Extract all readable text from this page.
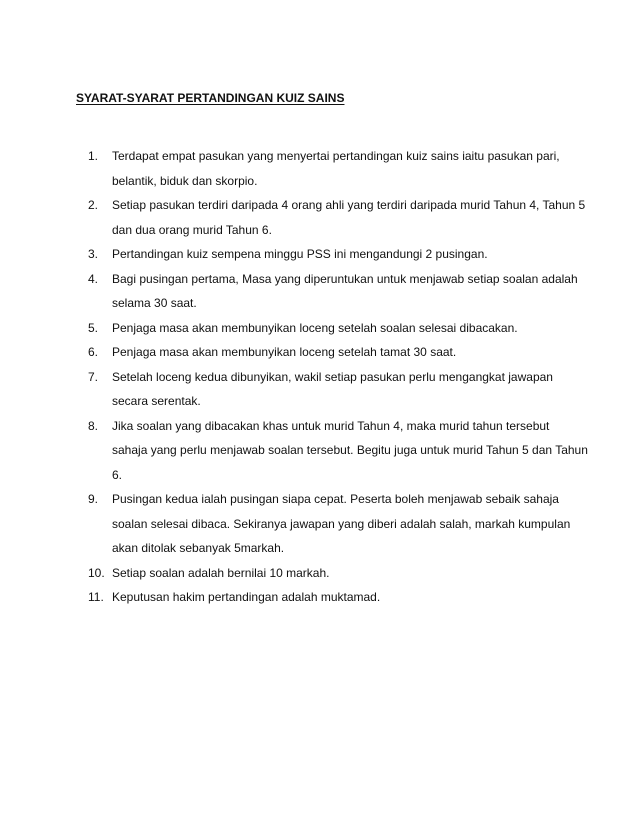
SYARAT-SYARAT PERTANDINGAN KUIZ SAINS
1. Terdapat empat pasukan yang menyertai pertandingan kuiz sains iaitu pasukan pari, belantik, biduk dan skorpio.
2. Setiap pasukan terdiri daripada 4 orang ahli yang terdiri daripada murid Tahun 4, Tahun 5 dan dua orang murid Tahun 6.
3. Pertandingan kuiz sempena minggu PSS ini mengandungi 2 pusingan.
4. Bagi pusingan pertama, Masa yang diperuntukan untuk menjawab setiap soalan adalah selama 30 saat.
5. Penjaga masa akan membunyikan loceng setelah soalan selesai dibacakan.
6. Penjaga masa akan membunyikan loceng setelah tamat 30 saat.
7. Setelah loceng kedua dibunyikan, wakil setiap pasukan perlu mengangkat jawapan secara serentak.
8. Jika soalan yang dibacakan khas untuk murid Tahun 4, maka murid tahun tersebut sahaja yang perlu menjawab soalan tersebut. Begitu juga untuk murid Tahun 5 dan Tahun 6.
9. Pusingan kedua ialah pusingan siapa cepat. Peserta boleh menjawab sebaik sahaja soalan selesai dibaca. Sekiranya jawapan yang diberi adalah salah, markah kumpulan akan ditolak sebanyak 5markah.
10. Setiap soalan adalah bernilai 10 markah.
11. Keputusan hakim pertandingan adalah muktamad.
